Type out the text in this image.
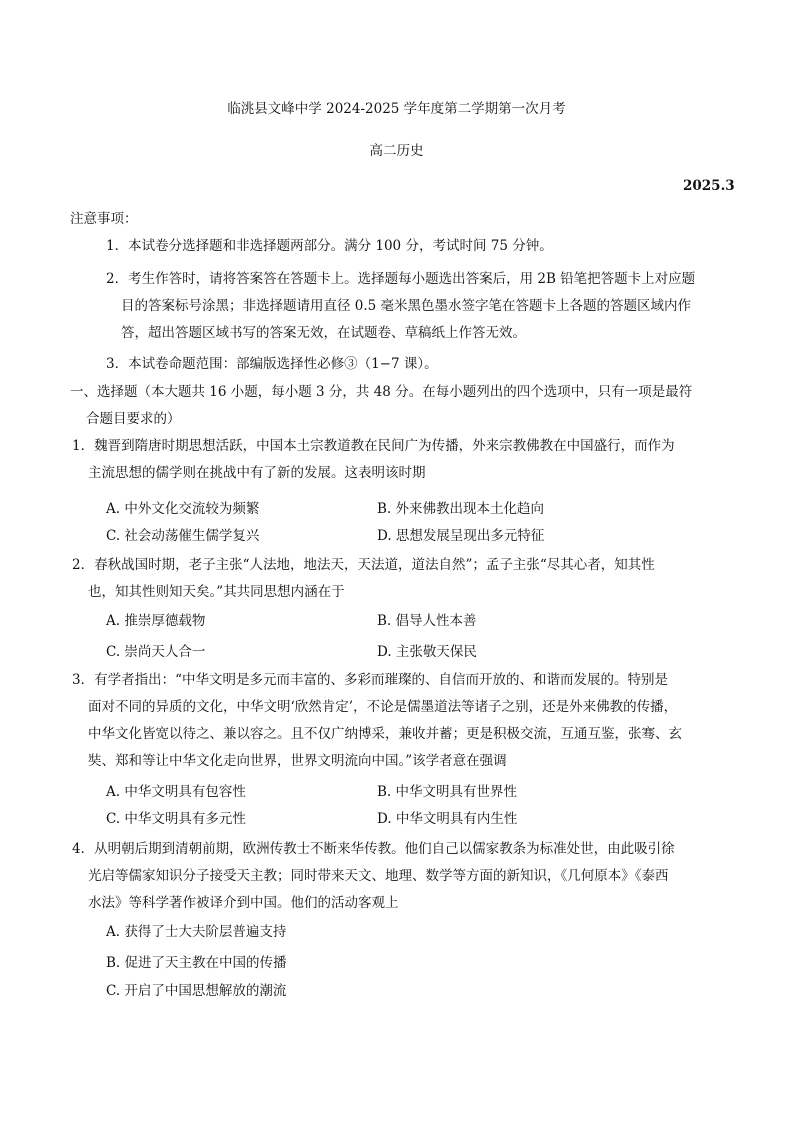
临洮县文峰中学 2024-2025 学年度第二学期第一次月考
高二历史
2025.3
注意事项：
1．本试卷分选择题和非选择题两部分。满分 100 分，考试时间 75 分钟。
2．考生作答时，请将答案答在答题卡上。选择题每小题选出答案后，用 2B 铅笔把答题卡上对应题
目的答案标号涂黑；非选择题请用直径 0.5 毫米黑色墨水签字笔在答题卡上各题的答题区域内作
答，超出答题区域书写的答案无效，在试题卷、草稿纸上作答无效。
3．本试卷命题范围：部编版选择性必修③（1−7 课）。
一、选择题（本大题共 16 小题，每小题 3 分，共 48 分。在每小题列出的四个选项中，只有一项是最符
合题目要求的）
1．魏晋到隋唐时期思想活跃，中国本土宗教道教在民间广为传播，外来宗教佛教在中国盛行，而作为
主流思想的儒学则在挑战中有了新的发展。这表明该时期
A. 中外文化交流较为频繁	B. 外来佛教出现本土化趋向
C. 社会动荡催生儒学复兴	D. 思想发展呈现出多元特征
2．春秋战国时期，老子主张“人法地，地法天，天法道，道法自然”；孟子主张“尽其心者，知其性
也，知其性则知天矣。”其共同思想内涵在于
A. 推崇厚德载物	B. 倡导人性本善
C. 崇尚天人合一	D. 主张敬天保民
3．有学者指出：“中华文明是多元而丰富的、多彩而璀璨的、自信而开放的、和谐而发展的。特别是
面对不同的异质的文化，中华文明‘欣然肯定’，不论是儒墨道法等诸子之别，还是外来佛教的传播，
中华文化皆宽以待之、兼以容之。且不仅广纳博采，兼收并蓄；更是积极交流，互通互鉴，张骞、玄
奘、郑和等让中华文化走向世界，世界文明流向中国。”该学者意在强调
A. 中华文明具有包容性	B. 中华文明具有世界性
C. 中华文明具有多元性	D. 中华文明具有内生性
4．从明朝后期到清朝前期，欧洲传教士不断来华传教。他们自己以儒家教条为标准处世，由此吸引徐
光启等儒家知识分子接受天主教；同时带来天文、地理、数学等方面的新知识，《几何原本》《泰西
水法》等科学著作被译介到中国。他们的活动客观上
A. 获得了士大夫阶层普遍支持
B. 促进了天主教在中国的传播
C. 开启了中国思想解放的潮流
